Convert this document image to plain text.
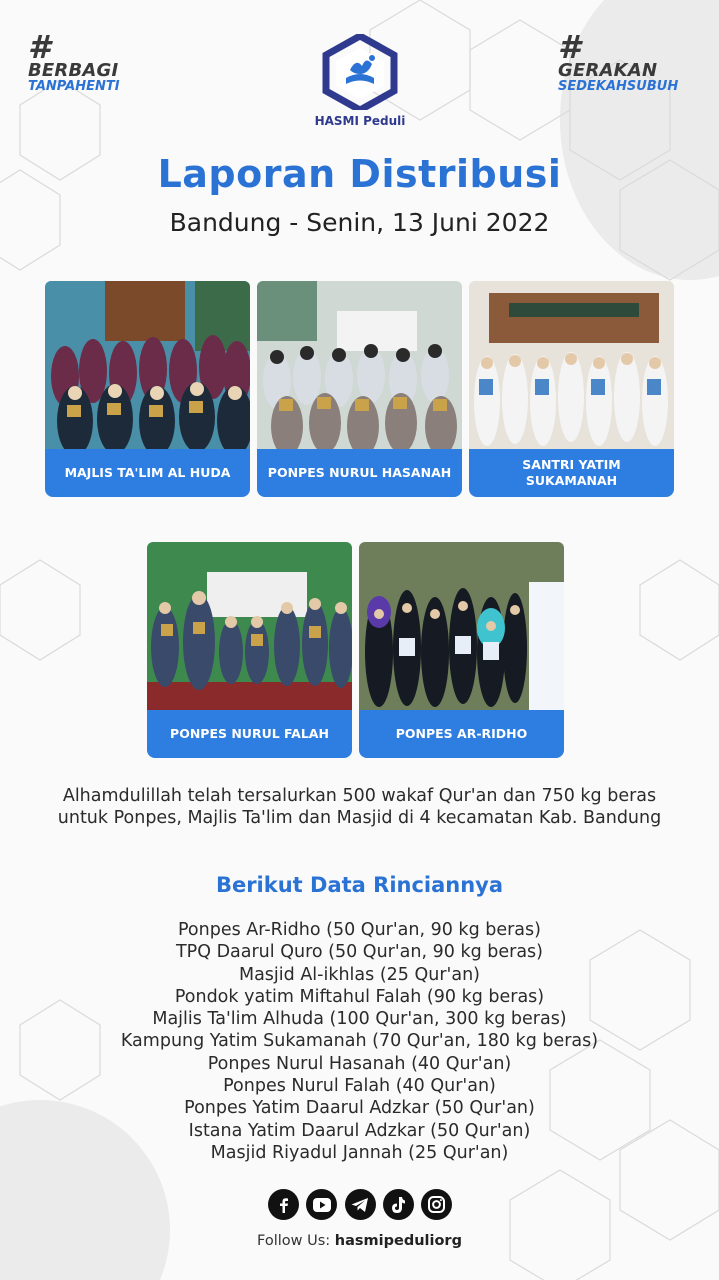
#
BERBAGI
TANPAHENTI
#
GERAKAN
SEDEKAHSUBUH
HASMI Peduli
Laporan Distribusi
Bandung - Senin, 13 Juni 2022
MAJLIS TA'LIM AL HUDA	PONPES NURUL HASANAH
SANTRI YATIM SUKAMANAH
PONPES NURUL FALAH	PONPES AR-RIDHO
Alhamdulillah telah tersalurkan 500 wakaf Qur'an dan 750 kg beras untuk Ponpes, Majlis Ta'lim dan Masjid di 4 kecamatan Kab. Bandung
Berikut Data Rinciannya
Ponpes Ar-Ridho (50 Qur'an, 90 kg beras)
TPQ Daarul Quro (50 Qur'an, 90 kg beras)
Masjid Al-ikhlas (25 Qur'an)
Pondok yatim Miftahul Falah (90 kg beras)
Majlis Ta'lim Alhuda (100 Qur'an, 300 kg beras)
Kampung Yatim Sukamanah (70 Qur'an, 180 kg beras)
Ponpes Nurul Hasanah (40 Qur'an)
Ponpes Nurul Falah (40 Qur'an)
Ponpes Yatim Daarul Adzkar (50 Qur'an)
Istana Yatim Daarul Adzkar (50 Qur'an)
Masjid Riyadul Jannah (25 Qur'an)
Follow Us: hasmipeduliorg
